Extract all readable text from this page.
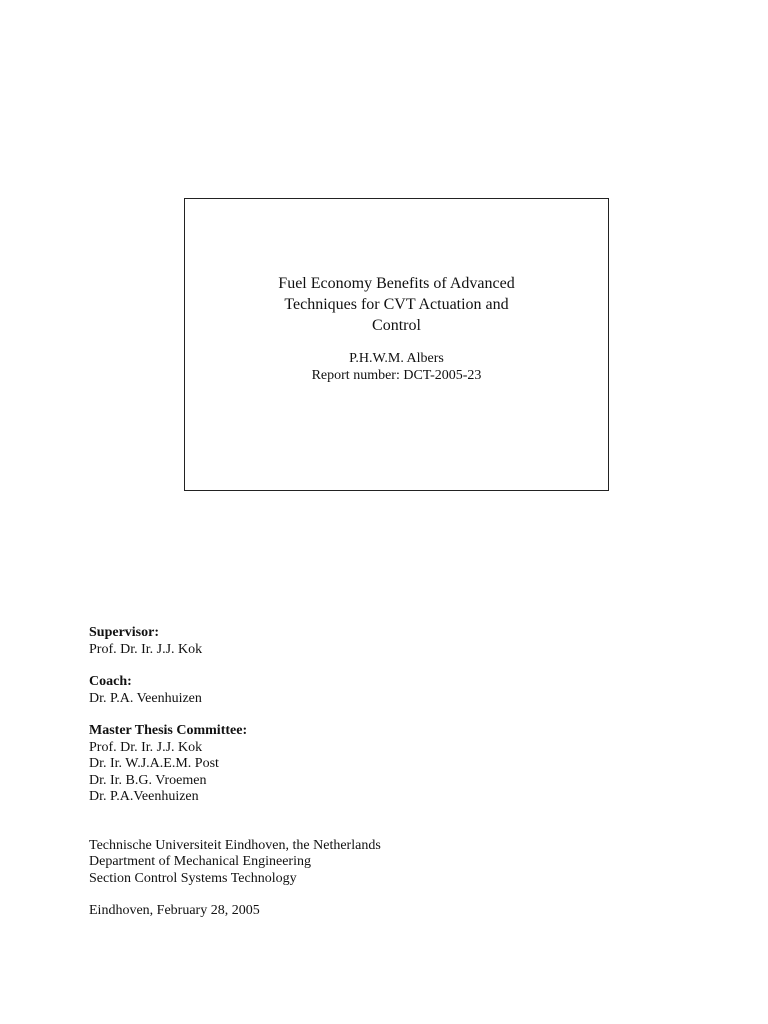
Fuel Economy Benefits of Advanced
Techniques for CVT Actuation and
Control
P.H.W.M. Albers
Report number: DCT-2005-23
Supervisor:
Prof. Dr. Ir. J.J. Kok
Coach:
Dr. P.A. Veenhuizen
Master Thesis Committee:
Prof. Dr. Ir. J.J. Kok
Dr. Ir. W.J.A.E.M. Post
Dr. Ir. B.G. Vroemen
Dr. P.A.Veenhuizen
Technische Universiteit Eindhoven, the Netherlands
Department of Mechanical Engineering
Section Control Systems Technology
Eindhoven, February 28, 2005
